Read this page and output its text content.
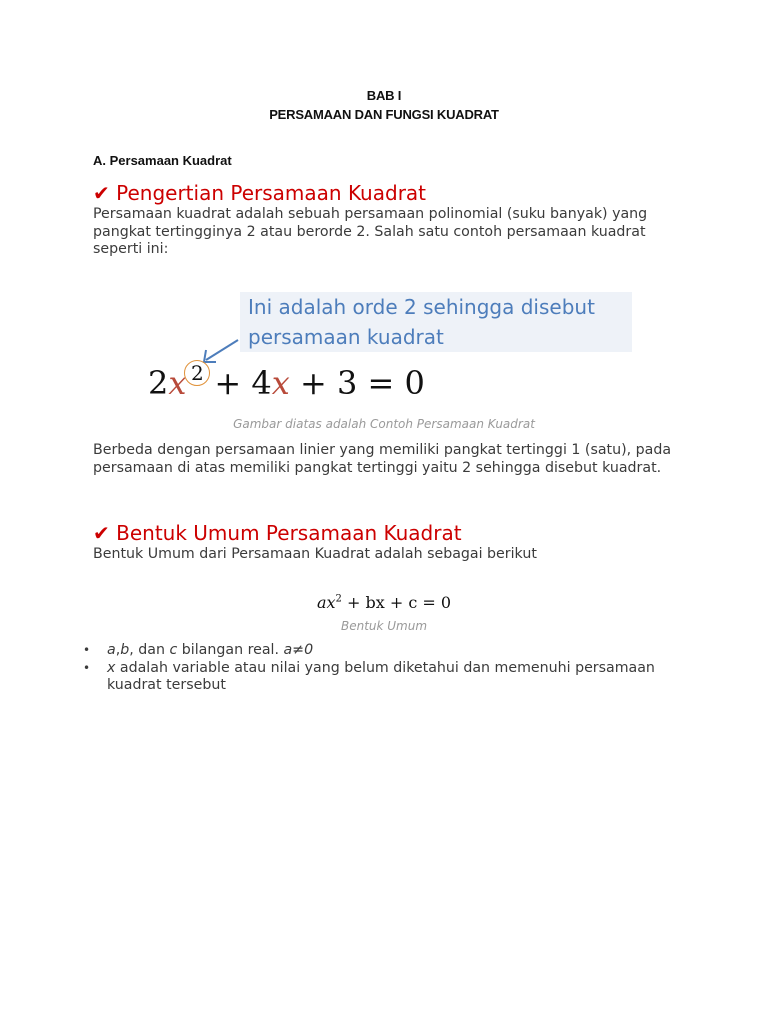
BAB I
PERSAMAAN DAN FUNGSI KUADRAT
A. Persamaan Kuadrat
✔ Pengertian Persamaan Kuadrat
Persamaan kuadrat adalah sebuah persamaan polinomial (suku banyak) yang pangkat tertingginya 2 atau berorde 2. Salah satu contoh persamaan kuadrat seperti ini:
Ini adalah orde 2 sehingga disebut
persamaan kuadrat
2x 2 + 4x + 3 = 0
Gambar diatas adalah Contoh Persamaan Kuadrat
Berbeda dengan persamaan linier yang memiliki pangkat tertinggi 1 (satu), pada persamaan di atas memiliki pangkat tertinggi yaitu 2 sehingga disebut kuadrat.
✔ Bentuk Umum Persamaan Kuadrat
Bentuk Umum dari Persamaan Kuadrat adalah sebagai berikut
$ax^2$ + bx + c = 0
Bentuk Umum
• a,b, dan c bilangan real. a≠0
• x adalah variable atau nilai yang belum diketahui dan memenuhi persamaan kuadrat tersebut
